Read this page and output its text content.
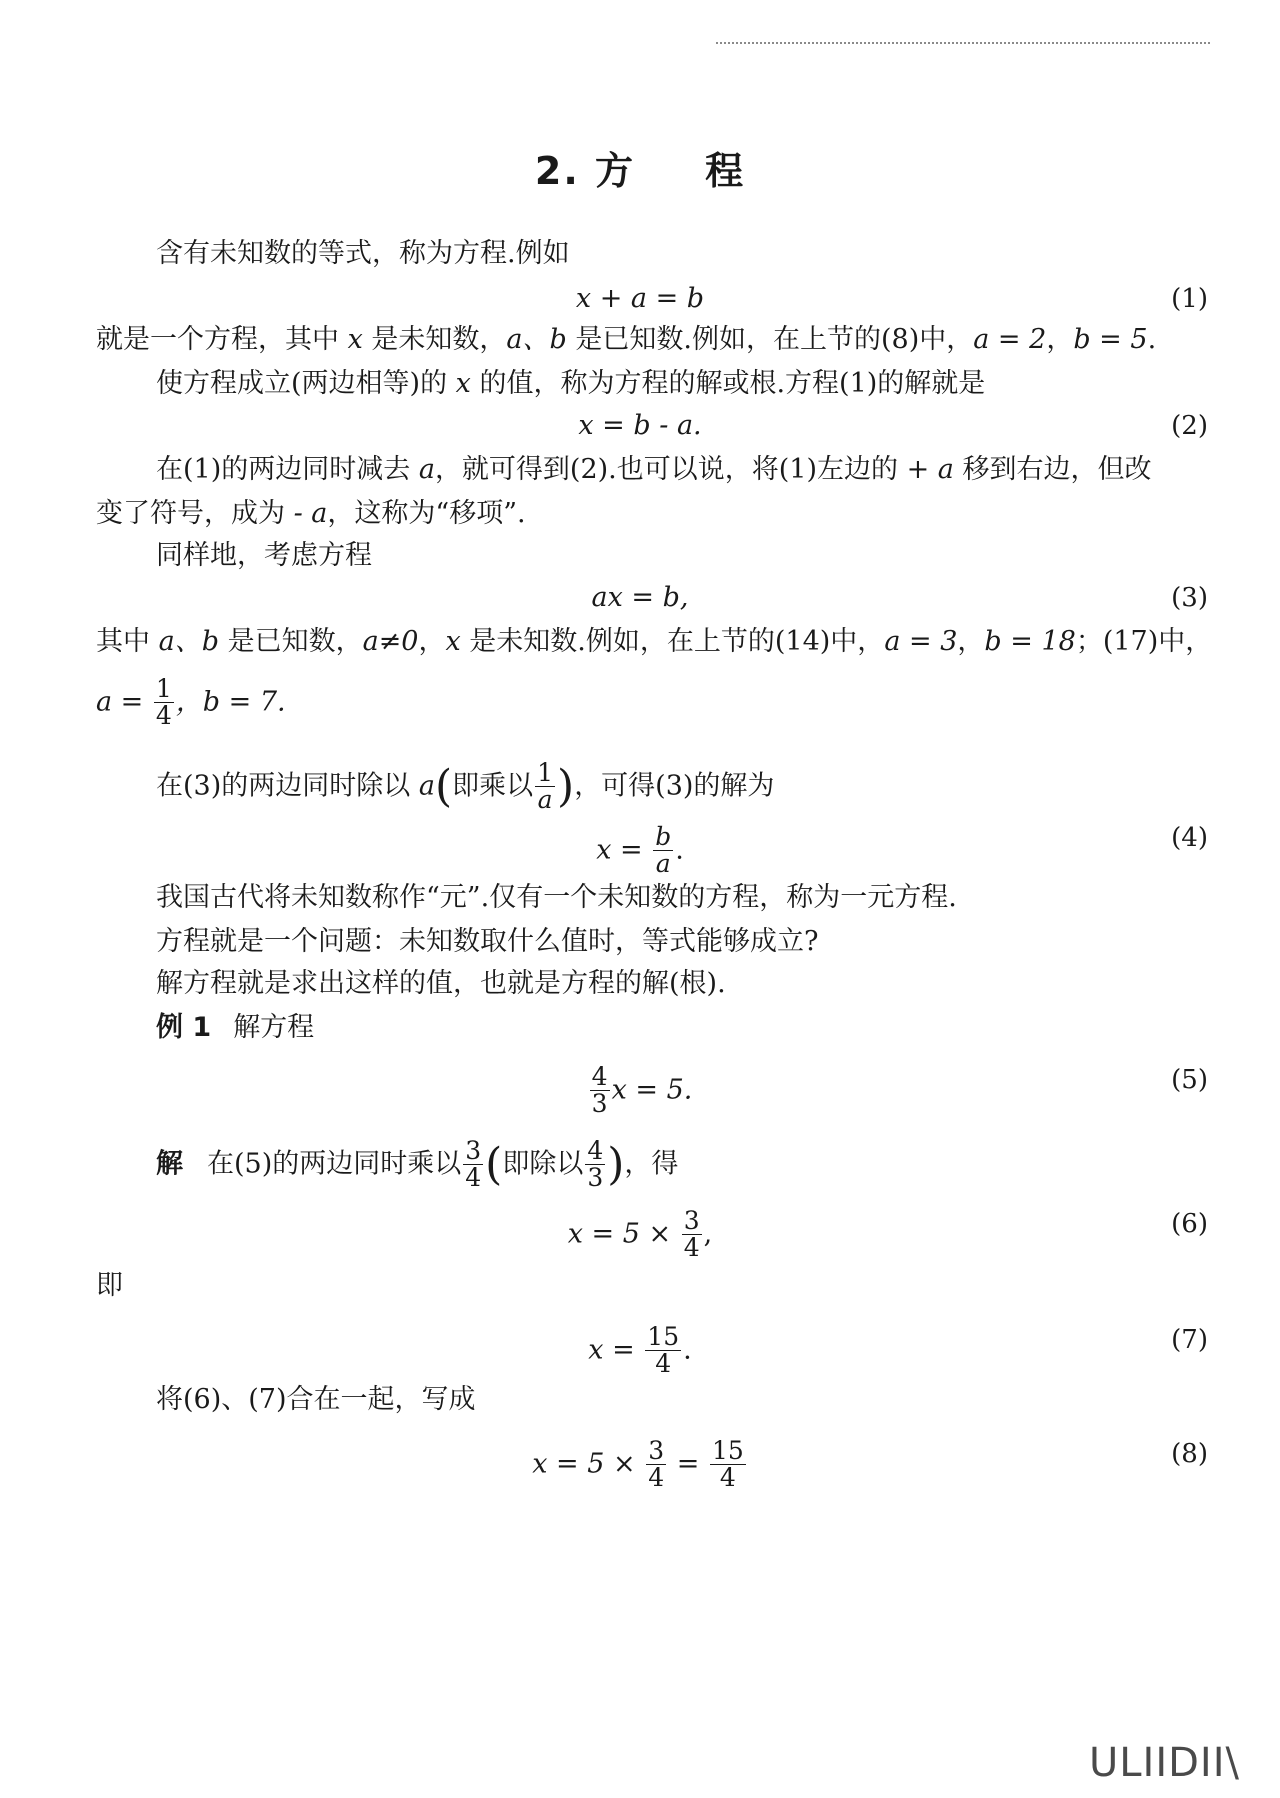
2. 方 程
含有未知数的等式，称为方程.例如
x + a = b	(1)
就是一个方程，其中 x 是未知数，a、b 是已知数.例如，在上节的(8)中，a = 2，b = 5.
使方程成立(两边相等)的 x 的值，称为方程的解或根.方程(1)的解就是
x = b - a.	(2)
在(1)的两边同时减去 a，就可得到(2).也可以说，将(1)左边的 + a 移到右边，但改
变了符号，成为 - a，这称为“移项”.
同样地，考虑方程
ax = b,	(3)
其中 a、b 是已知数，a≠0，x 是未知数.例如，在上节的(14)中，a = 3，b = 18；(17)中，
$a = \frac{1}{4}$ ，b = 7.
在(3)的两边同时除以 a(即乘以 $\frac{1}{a}$ )，可得(3)的解为
$x = \frac{b}{a}$ .	(4)
我国古代将未知数称作“元”.仅有一个未知数的方程，称为一元方程.
方程就是一个问题：未知数取什么值时，等式能够成立?
解方程就是求出这样的值，也就是方程的解(根).
例 1 解方程
$\frac{4}{3}$ x = 5.	(5)
解 在(5)的两边同时乘以 $\frac{3}{4}$ (即除以 $\frac{4}{3}$ )，得
$x = 5 \times \frac{3}{4}$ ,	(6)
即
$x = \frac{15}{4}$ .	(7)
将(6)、(7)合在一起，写成
$x = 5 \times \frac{3}{4} = \frac{15}{4}$	(8)
ULIIDII\
